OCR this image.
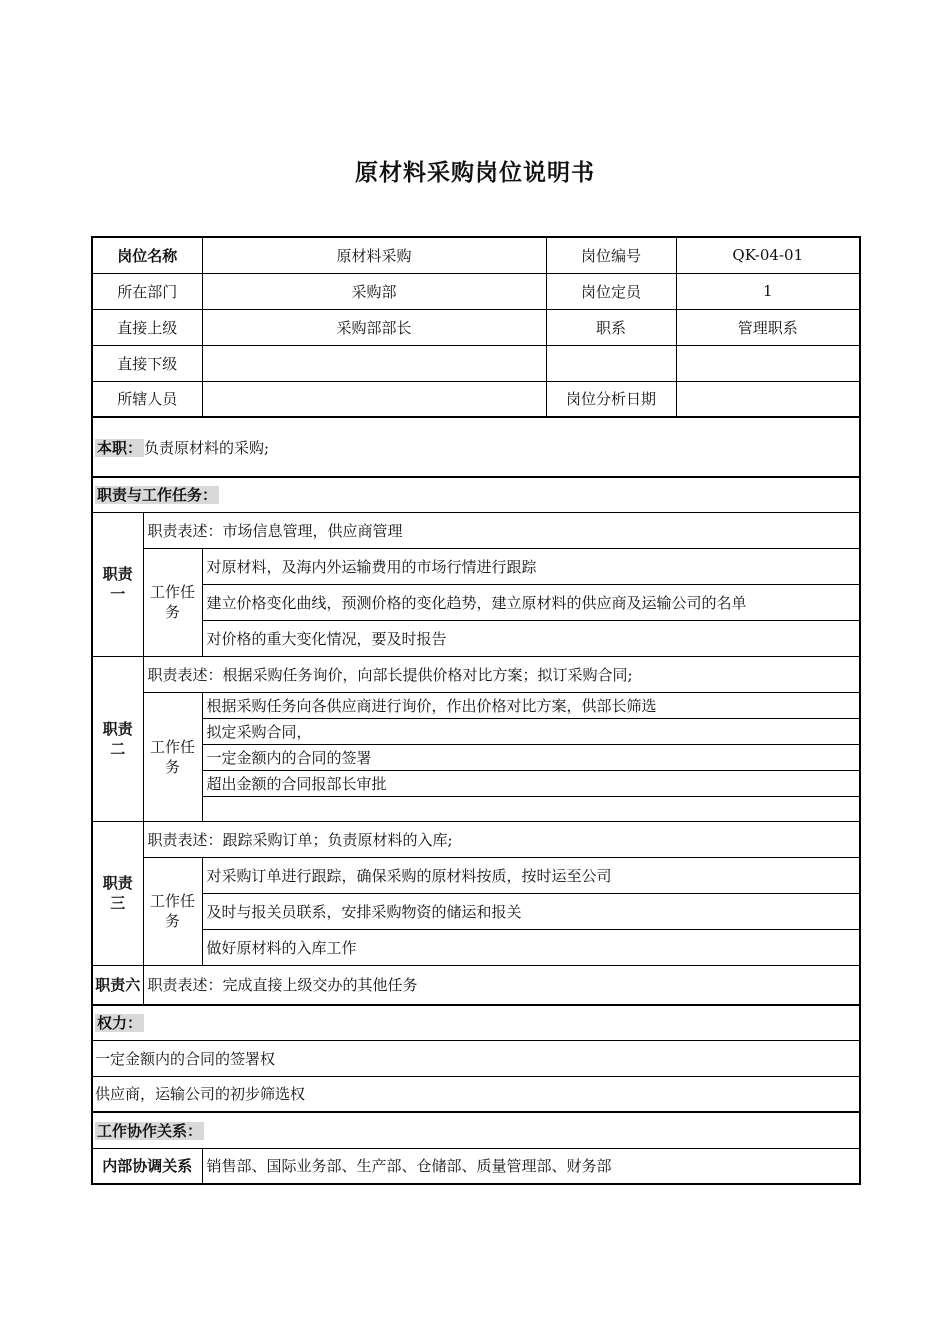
原材料采购岗位说明书
岗位名称		原材料采购	岗位编号	QK-04-01
所在部门		采购部	岗位定员	1
直接上级		采购部部长	职系	管理职系
直接下级				
所辖人员			岗位分析日期	
本职： 负责原材料的采购;				
职责与工作任务：				
职责一	职责表述：市场信息管理，供应商管理			
	工作任务	对原材料，及海内外运输费用的市场行情进行跟踪		
		建立价格变化曲线，预测价格的变化趋势，建立原材料的供应商及运输公司的名单		
		对价格的重大变化情况，要及时报告		
职责二	职责表述：根据采购任务询价，向部长提供价格对比方案；拟订采购合同;			
	工作任务	根据采购任务向各供应商进行询价，作出价格对比方案，供部长筛选		
		拟定采购合同，		
		一定金额内的合同的签署		
		超出金额的合同报部长审批		

职责三	职责表述：跟踪采购订单；负责原材料的入库;			
	工作任务	对采购订单进行跟踪，确保采购的原材料按质，按时运至公司		
		及时与报关员联系，安排采购物资的储运和报关		
		做好原材料的入库工作		
职责六	职责表述：完成直接上级交办的其他任务			
权力：				
一定金额内的合同的签署权				
供应商，运输公司的初步筛选权				
工作协作关系：				
内部协调关系		销售部、国际业务部、生产部、仓储部、质量管理部、财务部		
